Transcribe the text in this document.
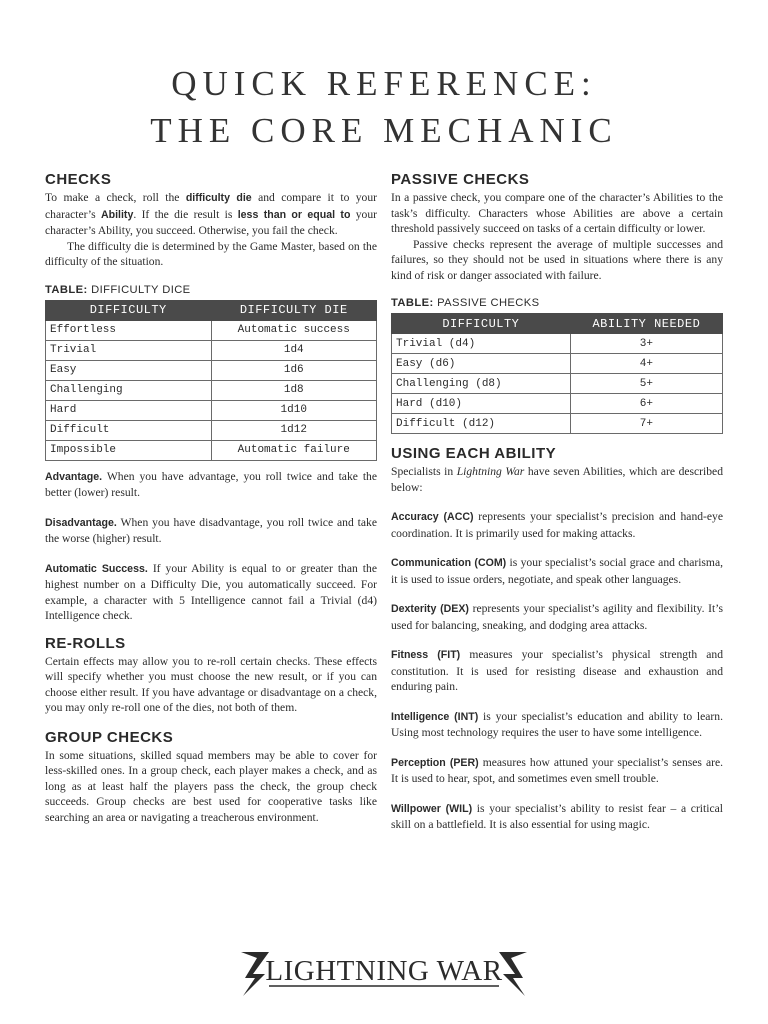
QUICK REFERENCE:
THE CORE MECHANIC
CHECKS

To make a check, roll the difficulty die and compare it to your character’s Ability. If the die result is less than or equal to your character’s Ability, you succeed. Otherwise, you fail the check.

The difficulty die is determined by the Game Master, based on the difficulty of the situation.

TABLE: DIFFICULTY DICE
DIFFICULTY	DIFFICULTY DIE
Effortless	Automatic success
Trivial	1d4
Easy	1d6
Challenging	1d8
Hard	1d10
Difficult	1d12
Impossible	Automatic failure

Advantage. When you have advantage, you roll twice and take the better (lower) result.

Disadvantage. When you have disadvantage, you roll twice and take the worse (higher) result.

Automatic Success. If your Ability is equal to or greater than the highest number on a Difficulty Die, you automatically succeed. For example, a character with 5 Intelligence cannot fail a Trivial (d4) Intelligence check.

RE-ROLLS

Certain effects may allow you to re-roll certain checks. These effects will specify whether you must choose the new result, or if you can choose either result. If you have advantage or disadvantage on a check, you may only re-roll one of the dies, not both of them.

GROUP CHECKS

In some situations, skilled squad members may be able to cover for less-skilled ones. In a group check, each player makes a check, and as long as at least half the players pass the check, the group check succeeds. Group checks are best used for cooperative tasks like searching an area or navigating a treacherous environment.

PASSIVE CHECKS

In a passive check, you compare one of the character’s Abilities to the task’s difficulty. Characters whose Abilities are above a certain threshold passively succeed on tasks of a certain difficulty or lower.

Passive checks represent the average of multiple successes and failures, so they should not be used in situations where there is any kind of risk or danger associated with failure.

TABLE: PASSIVE CHECKS
DIFFICULTY	ABILITY NEEDED
Trivial (d4)	3+
Easy (d6)	4+
Challenging (d8)	5+
Hard (d10)	6+
Difficult (d12)	7+
USING EACH ABILITY

Specialists in Lightning War have seven Abilities, which are described below:

Accuracy (ACC) represents your specialist’s precision and hand-eye coordination. It is primarily used for making attacks.

Communication (COM) is your specialist’s social grace and charisma, it is used to issue orders, negotiate, and speak other languages.

Dexterity (DEX) represents your specialist’s agility and flexibility. It’s used for balancing, sneaking, and dodging area attacks.

Fitness (FIT) measures your specialist’s physical strength and constitution. It is used for resisting disease and exhaustion and enduring pain.

Intelligence (INT) is your specialist’s education and ability to learn. Using most technology requires the user to have some intelligence.

Perception (PER) measures how attuned your specialist’s senses are. It is used to hear, spot, and sometimes even smell trouble.

Willpower (WIL) is your specialist’s ability to resist fear – a critical skill on a battlefield. It is also essential for using magic.

LIGHTNING WAR
